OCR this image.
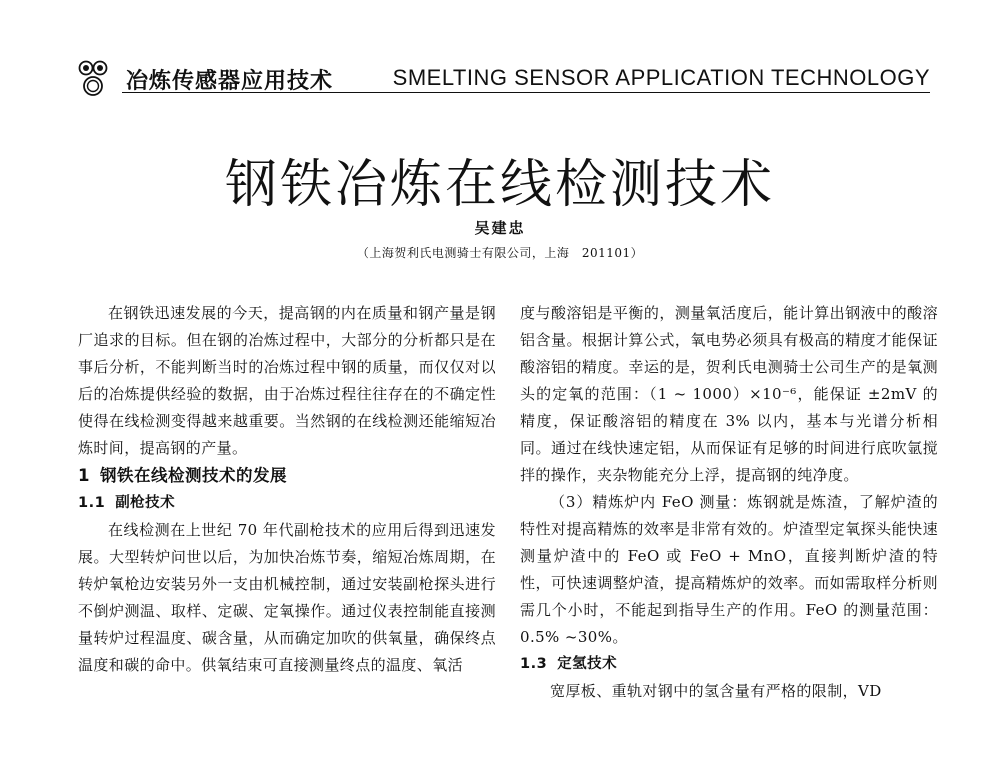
冶炼传感器应用技术	SMELTING SENSOR APPLICATION TECHNOLOGY
钢铁冶炼在线检测技术
吴建忠
（上海贺利氏电测骑士有限公司，上海　201101）

在钢铁迅速发展的今天，提高钢的内在质量和钢产量是钢厂追求的目标。但在钢的冶炼过程中，大部分的分析都只是在事后分析，不能判断当时的冶炼过程中钢的质量，而仅仅对以后的冶炼提供经验的数据，由于冶炼过程往往存在的不确定性使得在线检测变得越来越重要。当然钢的在线检测还能缩短冶炼时间，提高钢的产量。

1 钢铁在线检测技术的发展
1.1 副枪技术

在线检测在上世纪 70 年代副枪技术的应用后得到迅速发展。大型转炉问世以后，为加快冶炼节奏，缩短冶炼周期，在转炉氧枪边安装另外一支由机械控制，通过安装副枪探头进行不倒炉测温、取样、定碳、定氧操作。通过仪表控制能直接测量转炉过程温度、碳含量，从而确定加吹的供氧量，确保终点温度和碳的命中。供氧结束可直接测量终点的温度、氧活

度与酸溶铝是平衡的，测量氧活度后，能计算出钢液中的酸溶铝含量。根据计算公式，氧电势必须具有极高的精度才能保证酸溶铝的精度。幸运的是，贺利氏电测骑士公司生产的是氧测头的定氧的范围：（1 ~ 1000）×10⁻⁶，能保证 ±2mV 的精度，保证酸溶铝的精度在 3% 以内，基本与光谱分析相同。通过在线快速定铝，从而保证有足够的时间进行底吹氩搅拌的操作，夹杂物能充分上浮，提高钢的纯净度。

（3）精炼炉内 FeO 测量：炼钢就是炼渣，了解炉渣的特性对提高精炼的效率是非常有效的。炉渣型定氧探头能快速测量炉渣中的 FeO 或 FeO + MnO，直接判断炉渣的特性，可快速调整炉渣，提高精炼炉的效率。而如需取样分析则需几个小时，不能起到指导生产的作用。FeO 的测量范围：0.5% ~30%。

1.3 定氢技术

宽厚板、重轨对钢中的氢含量有严格的限制，VD
